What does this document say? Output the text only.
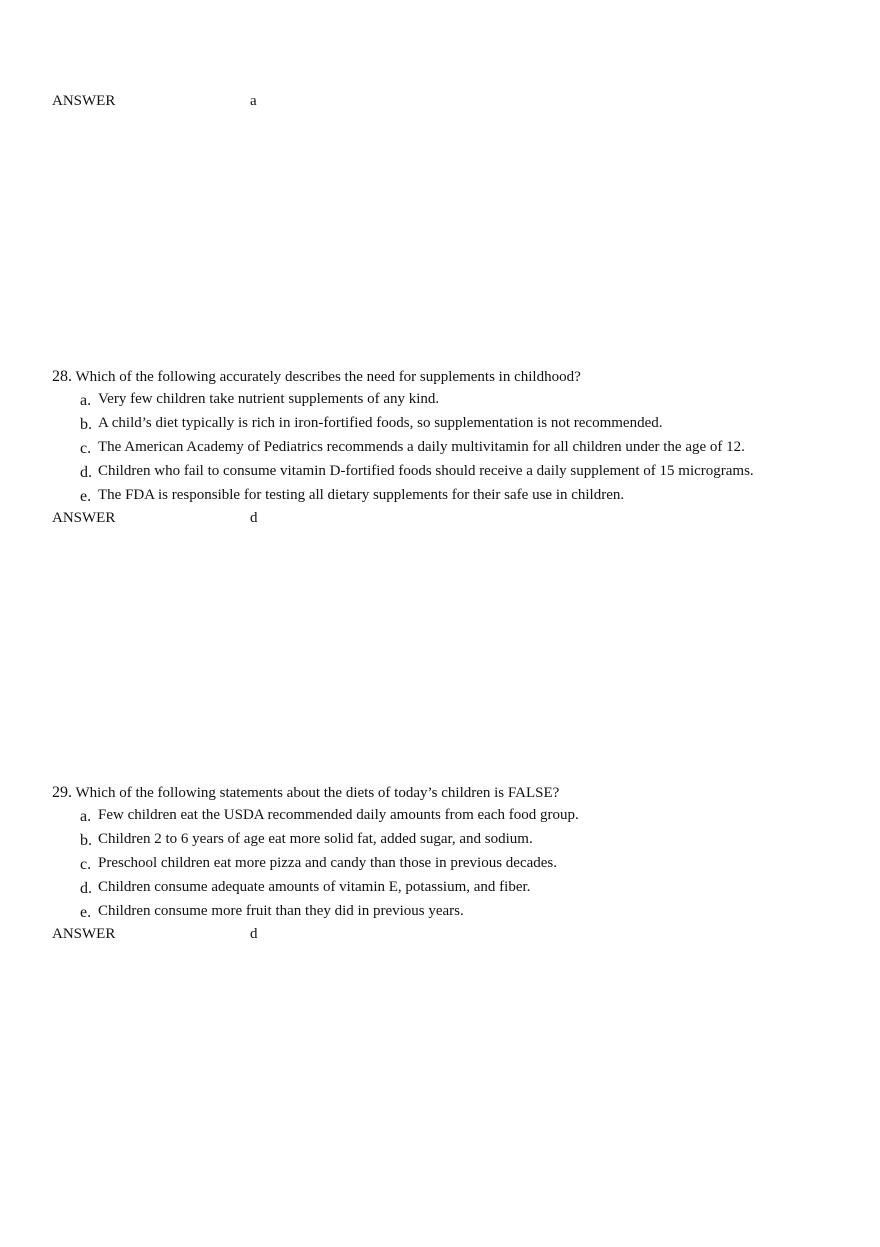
ANSWER	a
28. Which of the following accurately describes the need for supplements in childhood?
a. Very few children take nutrient supplements of any kind.
b. A child’s diet typically is rich in iron-fortified foods, so supplementation is not recommended.
c. The American Academy of Pediatrics recommends a daily multivitamin for all children under the age of 12.
d. Children who fail to consume vitamin D-fortified foods should receive a daily supplement of 15 micrograms.
e. The FDA is responsible for testing all dietary supplements for their safe use in children.
ANSWER	d
29. Which of the following statements about the diets of today’s children is FALSE?
a. Few children eat the USDA recommended daily amounts from each food group.
b. Children 2 to 6 years of age eat more solid fat, added sugar, and sodium.
c. Preschool children eat more pizza and candy than those in previous decades.
d. Children consume adequate amounts of vitamin E, potassium, and fiber.
e. Children consume more fruit than they did in previous years.
ANSWER	d
